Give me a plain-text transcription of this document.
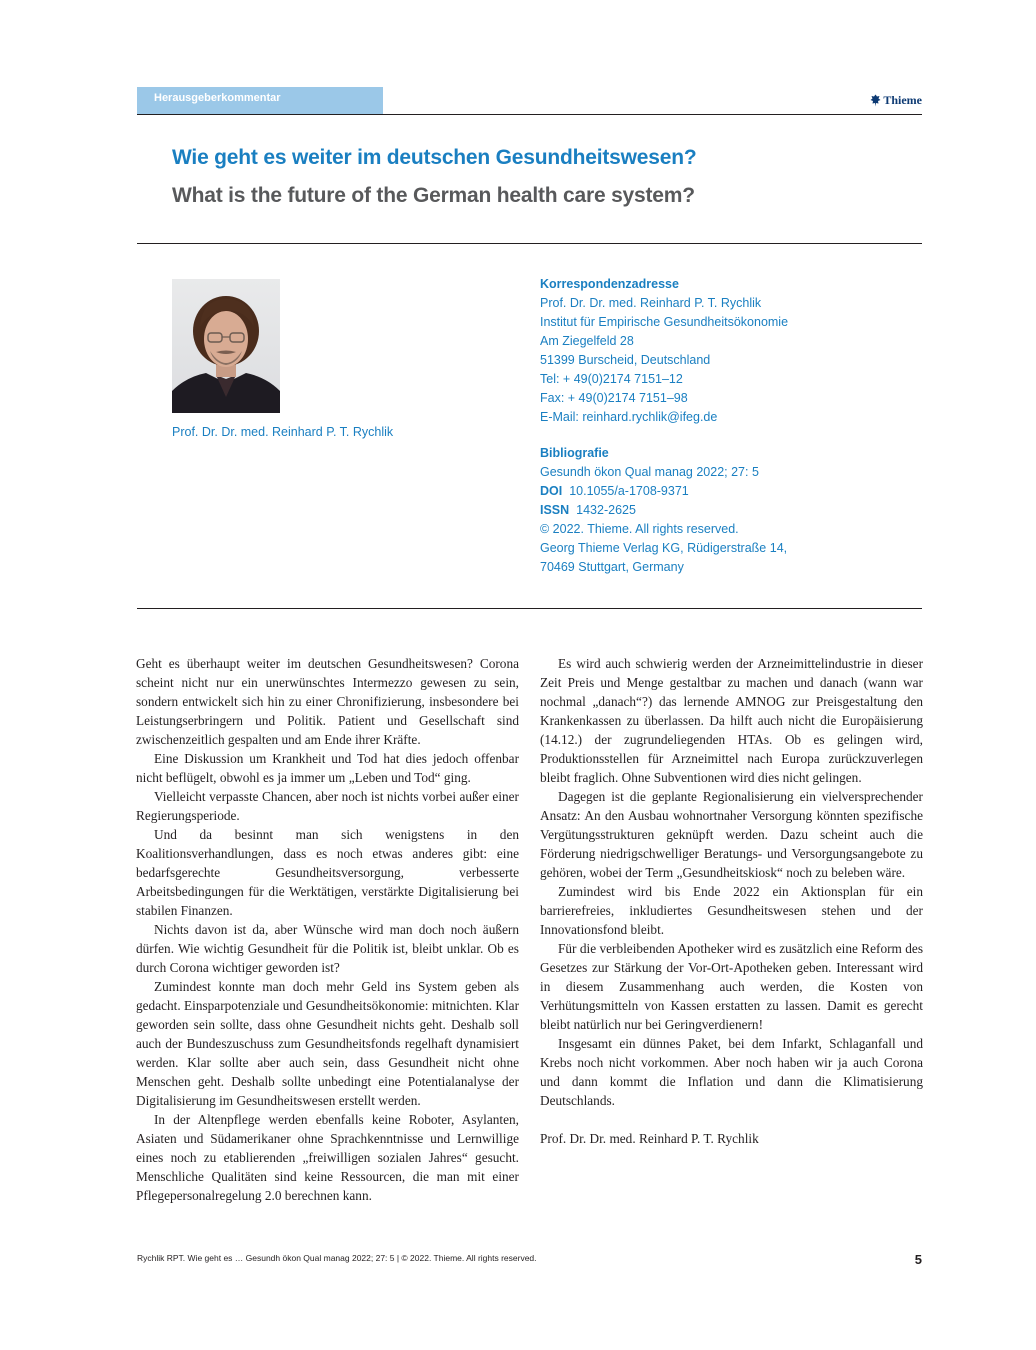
Herausgeberkommentar	Thieme
Wie geht es weiter im deutschen Gesundheitswesen?
What is the future of the German health care system?
Prof. Dr. Dr. med. Reinhard P. T. Rychlik
Korrespondenzadresse
Prof. Dr. Dr. med. Reinhard P. T. Rychlik
Institut für Empirische Gesundheitsökonomie
Am Ziegelfeld 28
51399 Burscheid, Deutschland
Tel: + 49(0)2174 7151–12
Fax: + 49(0)2174 7151–98
E-Mail: reinhard.rychlik@ifeg.de
Bibliografie
Gesundh ökon Qual manag 2022; 27: 5
DOI 10.1055/a-1708-9371
ISSN 1432-2625
© 2022. Thieme. All rights reserved.
Georg Thieme Verlag KG, Rüdigerstraße 14,
70469 Stuttgart, Germany

Geht es überhaupt weiter im deutschen Gesundheitswesen? Corona scheint nicht nur ein unerwünschtes Intermezzo gewesen zu sein, sondern entwickelt sich hin zu einer Chronifizierung, insbesondere bei Leistungserbringern und Politik. Patient und Gesellschaft sind zwischenzeitlich gespalten und am Ende ihrer Kräfte.

Eine Diskussion um Krankheit und Tod hat dies jedoch offenbar nicht beflügelt, obwohl es ja immer um „Leben und Tod“ ging.

Vielleicht verpasste Chancen, aber noch ist nichts vorbei außer einer Regierungsperiode.

Und da besinnt man sich wenigstens in den Koalitionsverhandlungen, dass es noch etwas anderes gibt: eine bedarfsgerechte Gesundheitsversorgung, verbesserte Arbeitsbedingungen für die Werktätigen, verstärkte Digitalisierung bei stabilen Finanzen.

Nichts davon ist da, aber Wünsche wird man doch noch äußern dürfen. Wie wichtig Gesundheit für die Politik ist, bleibt unklar. Ob es durch Corona wichtiger geworden ist?

Zumindest konnte man doch mehr Geld ins System geben als gedacht. Einsparpotenziale und Gesundheitsökonomie: mitnichten. Klar geworden sein sollte, dass ohne Gesundheit nichts geht. Deshalb soll auch der Bundeszuschuss zum Gesundheitsfonds regelhaft dynamisiert werden. Klar sollte aber auch sein, dass Gesundheit nicht ohne Menschen geht. Deshalb sollte unbedingt eine Potentialanalyse der Digitalisierung im Gesundheitswesen erstellt werden.

In der Altenpflege werden ebenfalls keine Roboter, Asylanten, Asiaten und Südamerikaner ohne Sprachkenntnisse und Lernwillige eines noch zu etablierenden „freiwilligen sozialen Jahres“ gesucht. Menschliche Qualitäten sind keine Ressourcen, die man mit einer Pflegepersonalregelung 2.0 berechnen kann.

Es wird auch schwierig werden der Arzneimittelindustrie in dieser Zeit Preis und Menge gestaltbar zu machen und danach (wann war nochmal „danach“?) das lernende AMNOG zur Preisgestaltung den Krankenkassen zu überlassen. Da hilft auch nicht die Europäisierung (14.12.) der zugrundeliegenden HTAs. Ob es gelingen wird, Produktionsstellen für Arzneimittel nach Europa zurückzuverlegen bleibt fraglich. Ohne Subventionen wird dies nicht gelingen.

Dagegen ist die geplante Regionalisierung ein vielversprechender Ansatz: An den Ausbau wohnortnaher Versorgung könnten spezifische Vergütungsstrukturen geknüpft werden. Dazu scheint auch die Förderung niedrigschwelliger Beratungs- und Versorgungsangebote zu gehören, wobei der Term „Gesundheitskiosk“ noch zu beleben wäre.

Zumindest wird bis Ende 2022 ein Aktionsplan für ein barrierefreies, inkludiertes Gesundheitswesen stehen und der Innovationsfond bleibt.

Für die verbleibenden Apotheker wird es zusätzlich eine Reform des Gesetzes zur Stärkung der Vor-Ort-Apotheken geben. Interessant wird in diesem Zusammenhang auch werden, die Kosten von Verhütungsmitteln von Kassen erstatten zu lassen. Damit es gerecht bleibt natürlich nur bei Geringverdienern!

Insgesamt ein dünnes Paket, bei dem Infarkt, Schlaganfall und Krebs noch nicht vorkommen. Aber noch haben wir ja auch Corona und dann kommt die Inflation und dann die Klimatisierung Deutschlands.

Prof. Dr. Dr. med. Reinhard P. T. Rychlik

Rychlik RPT. Wie geht es … Gesundh ökon Qual manag 2022; 27: 5 | © 2022. Thieme. All rights reserved.	5
